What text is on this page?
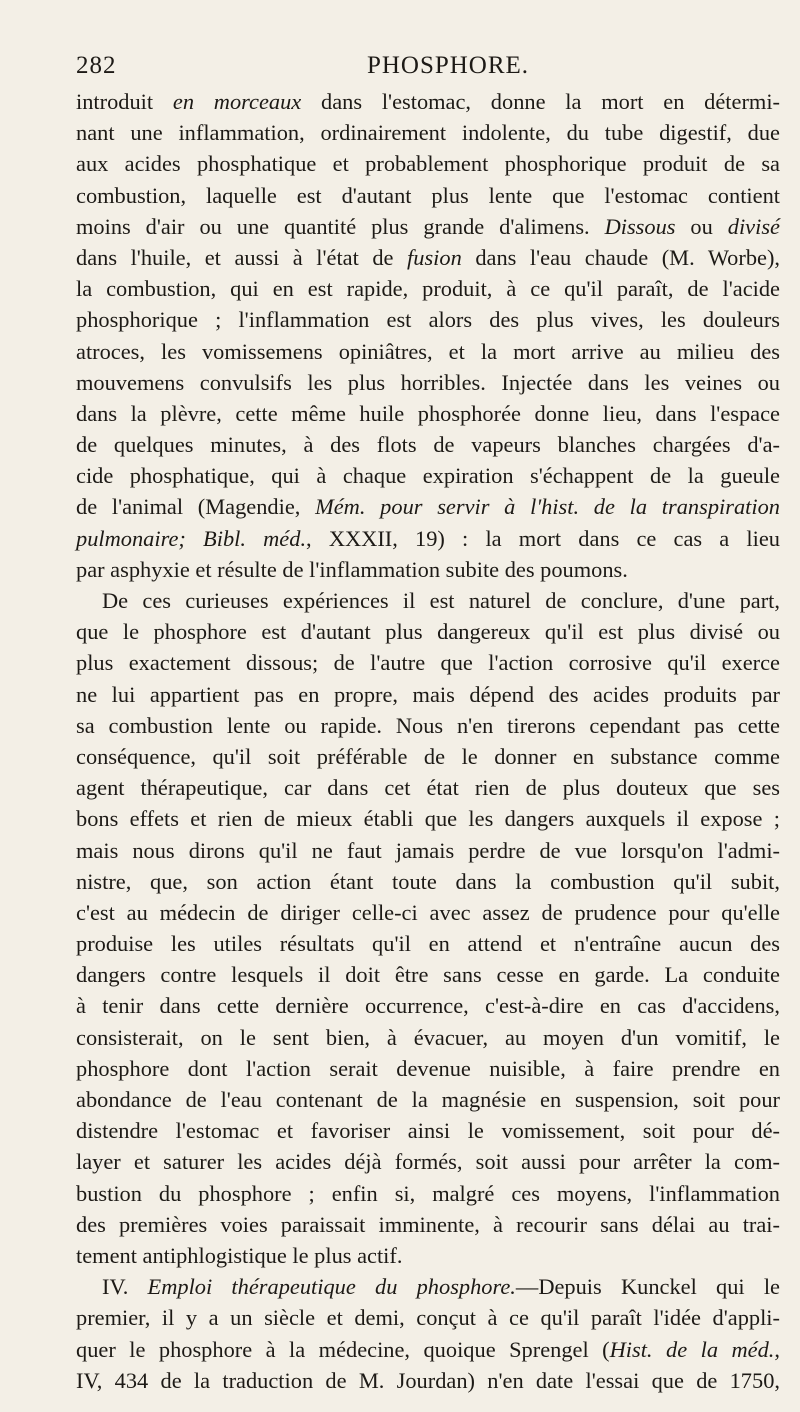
282	PHOSPHORE.
introduit en morceaux dans l'estomac, donne la mort en détermi-
nant une inflammation, ordinairement indolente, du tube digestif, due
aux acides phosphatique et probablement phosphorique produit de sa
combustion, laquelle est d'autant plus lente que l'estomac contient
moins d'air ou une quantité plus grande d'alimens. Dissous ou divisé
dans l'huile, et aussi à l'état de fusion dans l'eau chaude (M. Worbe),
la combustion, qui en est rapide, produit, à ce qu'il paraît, de l'acide
phosphorique ; l'inflammation est alors des plus vives, les douleurs
atroces, les vomissemens opiniâtres, et la mort arrive au milieu des
mouvemens convulsifs les plus horribles. Injectée dans les veines ou
dans la plèvre, cette même huile phosphorée donne lieu, dans l'espace
de quelques minutes, à des flots de vapeurs blanches chargées d'a-
cide phosphatique, qui à chaque expiration s'échappent de la gueule
de l'animal (Magendie, Mém. pour servir à l'hist. de la transpiration
pulmonaire; Bibl. méd., XXXII, 19) : la mort dans ce cas a lieu
par asphyxie et résulte de l'inflammation subite des poumons.
De ces curieuses expériences il est naturel de conclure, d'une part,
que le phosphore est d'autant plus dangereux qu'il est plus divisé ou
plus exactement dissous; de l'autre que l'action corrosive qu'il exerce
ne lui appartient pas en propre, mais dépend des acides produits par
sa combustion lente ou rapide. Nous n'en tirerons cependant pas cette
conséquence, qu'il soit préférable de le donner en substance comme
agent thérapeutique, car dans cet état rien de plus douteux que ses
bons effets et rien de mieux établi que les dangers auxquels il expose ;
mais nous dirons qu'il ne faut jamais perdre de vue lorsqu'on l'admi-
nistre, que, son action étant toute dans la combustion qu'il subit,
c'est au médecin de diriger celle-ci avec assez de prudence pour qu'elle
produise les utiles résultats qu'il en attend et n'entraîne aucun des
dangers contre lesquels il doit être sans cesse en garde. La conduite
à tenir dans cette dernière occurrence, c'est-à-dire en cas d'accidens,
consisterait, on le sent bien, à évacuer, au moyen d'un vomitif, le
phosphore dont l'action serait devenue nuisible, à faire prendre en
abondance de l'eau contenant de la magnésie en suspension, soit pour
distendre l'estomac et favoriser ainsi le vomissement, soit pour dé-
layer et saturer les acides déjà formés, soit aussi pour arrêter la com-
bustion du phosphore ; enfin si, malgré ces moyens, l'inflammation
des premières voies paraissait imminente, à recourir sans délai au trai-
tement antiphlogistique le plus actif.
IV. Emploi thérapeutique du phosphore.—Depuis Kunckel qui le
premier, il y a un siècle et demi, conçut à ce qu'il paraît l'idée d'appli-
quer le phosphore à la médecine, quoique Sprengel (Hist. de la méd.,
IV, 434 de la traduction de M. Jourdan) n'en date l'essai que de 1750,
